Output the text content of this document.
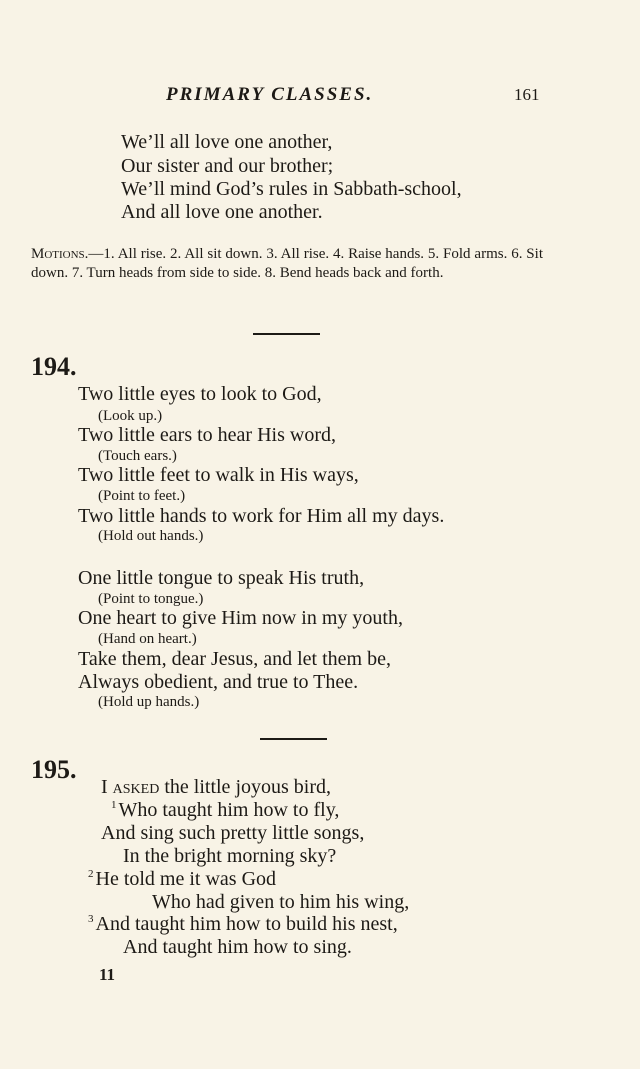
PRIMARY CLASSES.	161
We’ll all love one another,
Our sister and our brother;
We’ll mind God’s rules in Sabbath-school,
And all love one another.
Motions.—1. All rise. 2. All sit down. 3. All rise. 4. Raise hands. 5. Fold arms. 6. Sit down. 7. Turn heads from side to side. 8. Bend heads back and forth.
194.
Two little eyes to look to God,
(Look up.)
Two little ears to hear His word,
(Touch ears.)
Two little feet to walk in His ways,
(Point to feet.)
Two little hands to work for Him all my days.
(Hold out hands.)
One little tongue to speak His truth,
(Point to tongue.)
One heart to give Him now in my youth,
(Hand on heart.)
Take them, dear Jesus, and let them be,
Always obedient, and true to Thee.
(Hold up hands.)
195.
I asked the little joyous bird,
$^1$ Who taught him how to fly,
And sing such pretty little songs,
In the bright morning sky?
$^2$ He told me it was God
Who had given to him his wing,
$^3$ And taught him how to build his nest,
And taught him how to sing.
11
